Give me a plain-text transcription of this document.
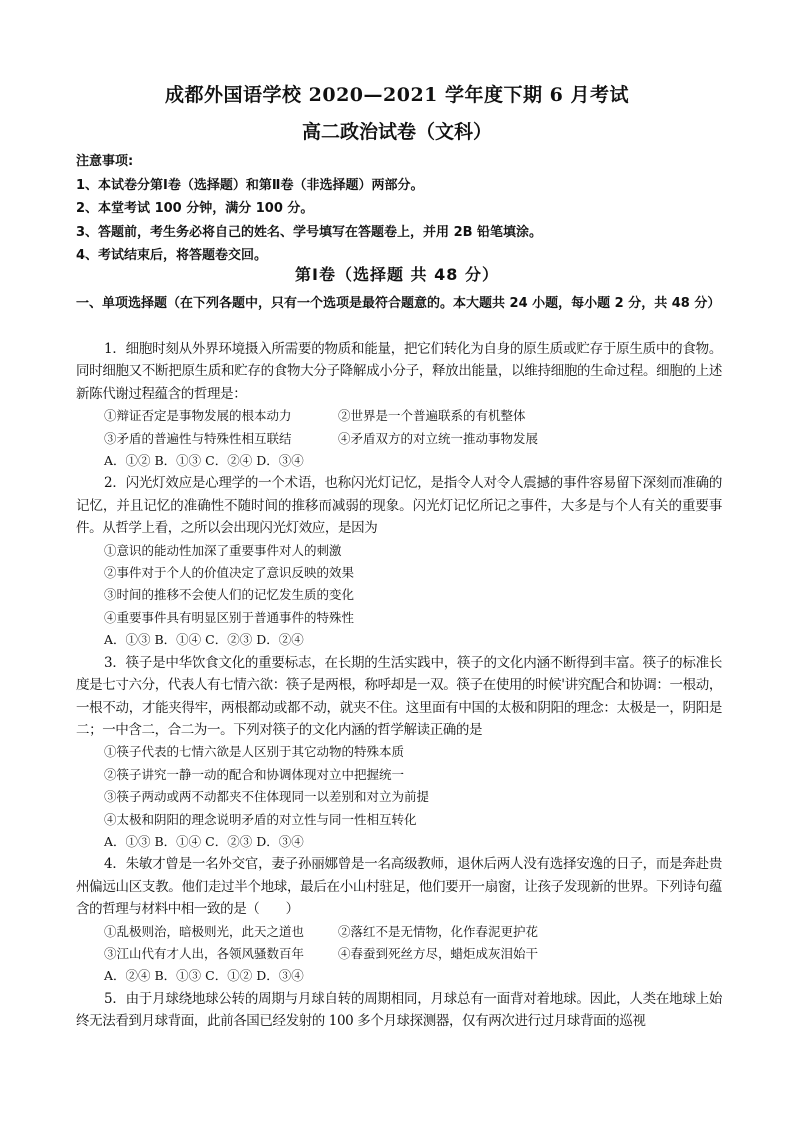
成都外国语学校 2020—2021 学年度下期 6 月考试
高二政治试卷（文科）
注意事项:
1、本试卷分第Ⅰ卷（选择题）和第Ⅱ卷（非选择题）两部分。
2、本堂考试 100 分钟，满分 100 分。
3、答题前，考生务必将自己的姓名、学号填写在答题卷上，并用 2B 铅笔填涂。
4、考试结束后，将答题卷交回。
第Ⅰ卷（选择题 共 48 分）
一、单项选择题（在下列各题中，只有一个选项是最符合题意的。本大题共 24 小题，每小题 2 分，共 48 分）
1．细胞时刻从外界环境摄入所需要的物质和能量，把它们转化为自身的原生质或贮存于原生质中的食物。同时细胞又不断把原生质和贮存的食物大分子降解成小分子，释放出能量，以维持细胞的生命过程。细胞的上述新陈代谢过程蕴含的哲理是：
①辩证否定是事物发展的根本动力	②世界是一个普遍联系的有机整体
③矛盾的普遍性与特殊性相互联结	④矛盾双方的对立统一推动事物发展
A．①② B．①③ C．②④ D．③④
2．闪光灯效应是心理学的一个术语，也称闪光灯记忆，是指令人对令人震撼的事件容易留下深刻而准确的记忆，并且记忆的准确性不随时间的推移而减弱的现象。闪光灯记忆所记之事件，大多是与个人有关的重要事件。从哲学上看，之所以会出现闪光灯效应，是因为
①意识的能动性加深了重要事件对人的刺激
②事件对于个人的价值决定了意识反映的效果
③时间的推移不会使人们的记忆发生质的变化
④重要事件具有明显区别于普通事件的特殊性
A．①③ B．①④ C．②③ D．②④
3．筷子是中华饮食文化的重要标志，在长期的生活实践中，筷子的文化内涵不断得到丰富。筷子的标准长度是七寸六分，代表人有七情六欲：筷子是两根，称呼却是一双。筷子在使用的时候'讲究配合和协调：一根动，一根不动，才能夹得牢，两根都动或都不动，就夹不住。这里面有中国的太极和阴阳的理念：太极是一，阴阳是二；一中含二，合二为一。下列对筷子的文化内涵的哲学解读正确的是
①筷子代表的七情六欲是人区别于其它动物的特殊本质
②筷子讲究一静一动的配合和协调体现对立中把握统一
③筷子两动或两不动都夹不住体现同一以差别和对立为前提
④太极和阴阳的理念说明矛盾的对立性与同一性相互转化
A．①③ B．①④ C．②③ D．③④
4．朱敏才曾是一名外交官，妻子孙丽娜曾是一名高级教师，退休后两人没有选择安逸的日子，而是奔赴贵州偏远山区支教。他们走过半个地球，最后在小山村驻足，他们要开一扇窗，让孩子发现新的世界。下列诗句蕴含的哲理与材料中相一致的是（　　）
①乱极则治，暗极则光，此天之道也	②落红不是无情物，化作春泥更护花
③江山代有才人出，各领风骚数百年	④春蚕到死丝方尽，蜡炬成灰泪始干
A．②④ B．①③ C．①② D．③④
5．由于月球绕地球公转的周期与月球自转的周期相同，月球总有一面背对着地球。因此，人类在地球上始终无法看到月球背面，此前各国已经发射的 100 多个月球探测器，仅有两次进行过月球背面的巡视
